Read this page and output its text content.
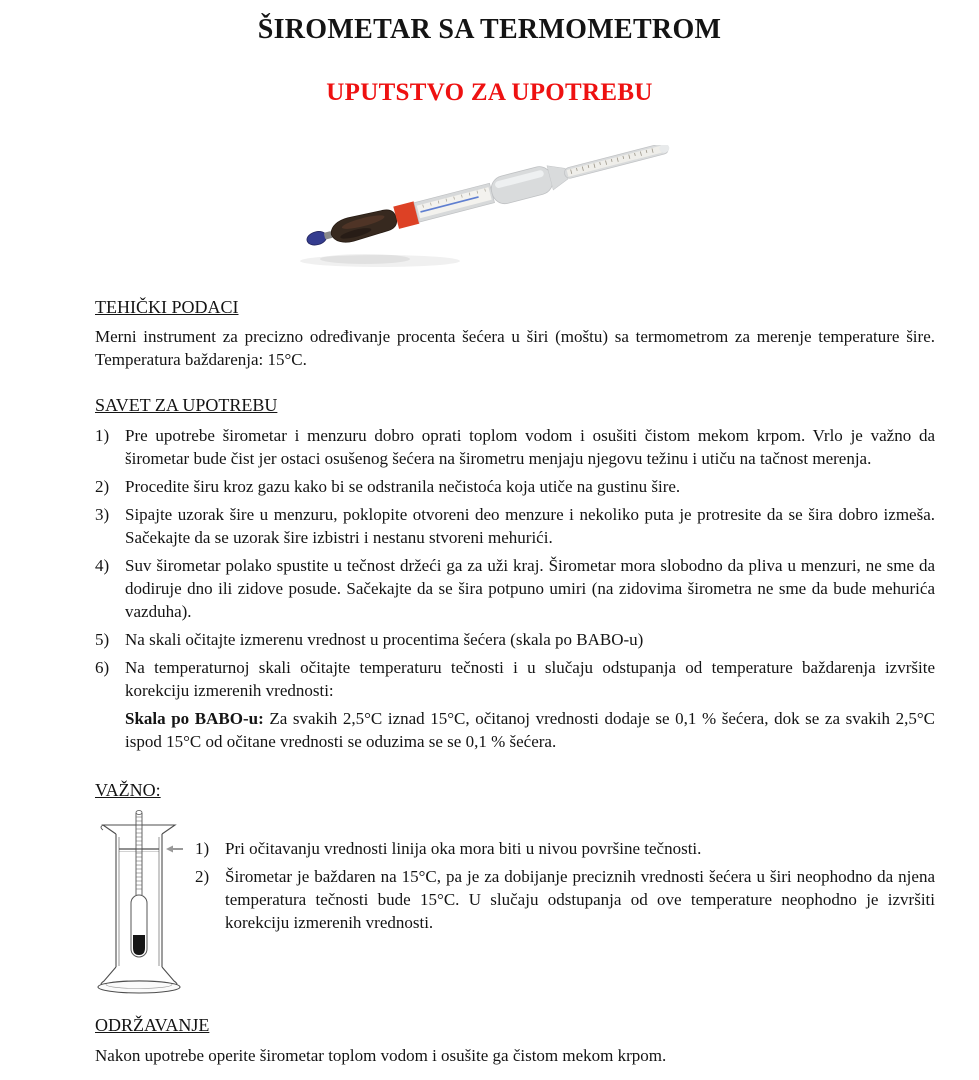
ŠIROMETAR SA TERMOMETROM
UPUTSTVO ZA UPOTREBU
TEHIČKI PODACI

Merni instrument za precizno određivanje procenta šećera u širi (moštu) sa termometrom za merenje temperature šire. Temperatura baždarenja: 15°C.

SAVET ZA UPOTREBU
1) Pre upotrebe širometar i menzuru dobro oprati toplom vodom i osušiti čistom mekom krpom. Vrlo je važno da širometar bude čist jer ostaci osušenog šećera na širometru menjaju njegovu težinu i utiču na tačnost merenja.
2) Procedite širu kroz gazu kako bi se odstranila nečistoća koja utiče na gustinu šire.
3) Sipajte uzorak šire u menzuru, poklopite otvoreni deo menzure i nekoliko puta je protresite da se šira dobro izmeša. Sačekajte da se uzorak šire izbistri i nestanu stvoreni mehurići.
4) Suv širometar polako spustite u tečnost držeći ga za uži kraj. Širometar mora slobodno da pliva u menzuri, ne sme da dodiruje dno ili zidove posude. Sačekajte da se šira potpuno umiri (na zidovima širometra ne sme da bude mehurića vazduha).
5) Na skali očitajte izmerenu vrednost u procentima šećera (skala po BABO-u)
6) Na temperaturnoj skali očitajte temperaturu tečnosti i u slučaju odstupanja od temperature baždarenja izvršite korekciju izmerenih vrednosti:

Skala po BABO-u: Za svakih 2,5°C iznad 15°C, očitanoj vrednosti dodaje se 0,1 % šećera, dok se za svakih 2,5°C ispod 15°C od očitane vrednosti se oduzima se se 0,1 % šećera.

VAŽNO:
1) Pri očitavanju vrednosti linija oka mora biti u nivou površine tečnosti.
2) Širometar je baždaren na 15°C, pa je za dobijanje preciznih vrednosti šećera u širi neophodno da njena temperatura tečnosti bude 15°C. U slučaju odstupanja od ove temperature neophodno je izvršiti korekciju izmerenih vrednosti.
ODRŽAVANJE

Nakon upotrebe operite širometar toplom vodom i osušite ga čistom mekom krpom.
